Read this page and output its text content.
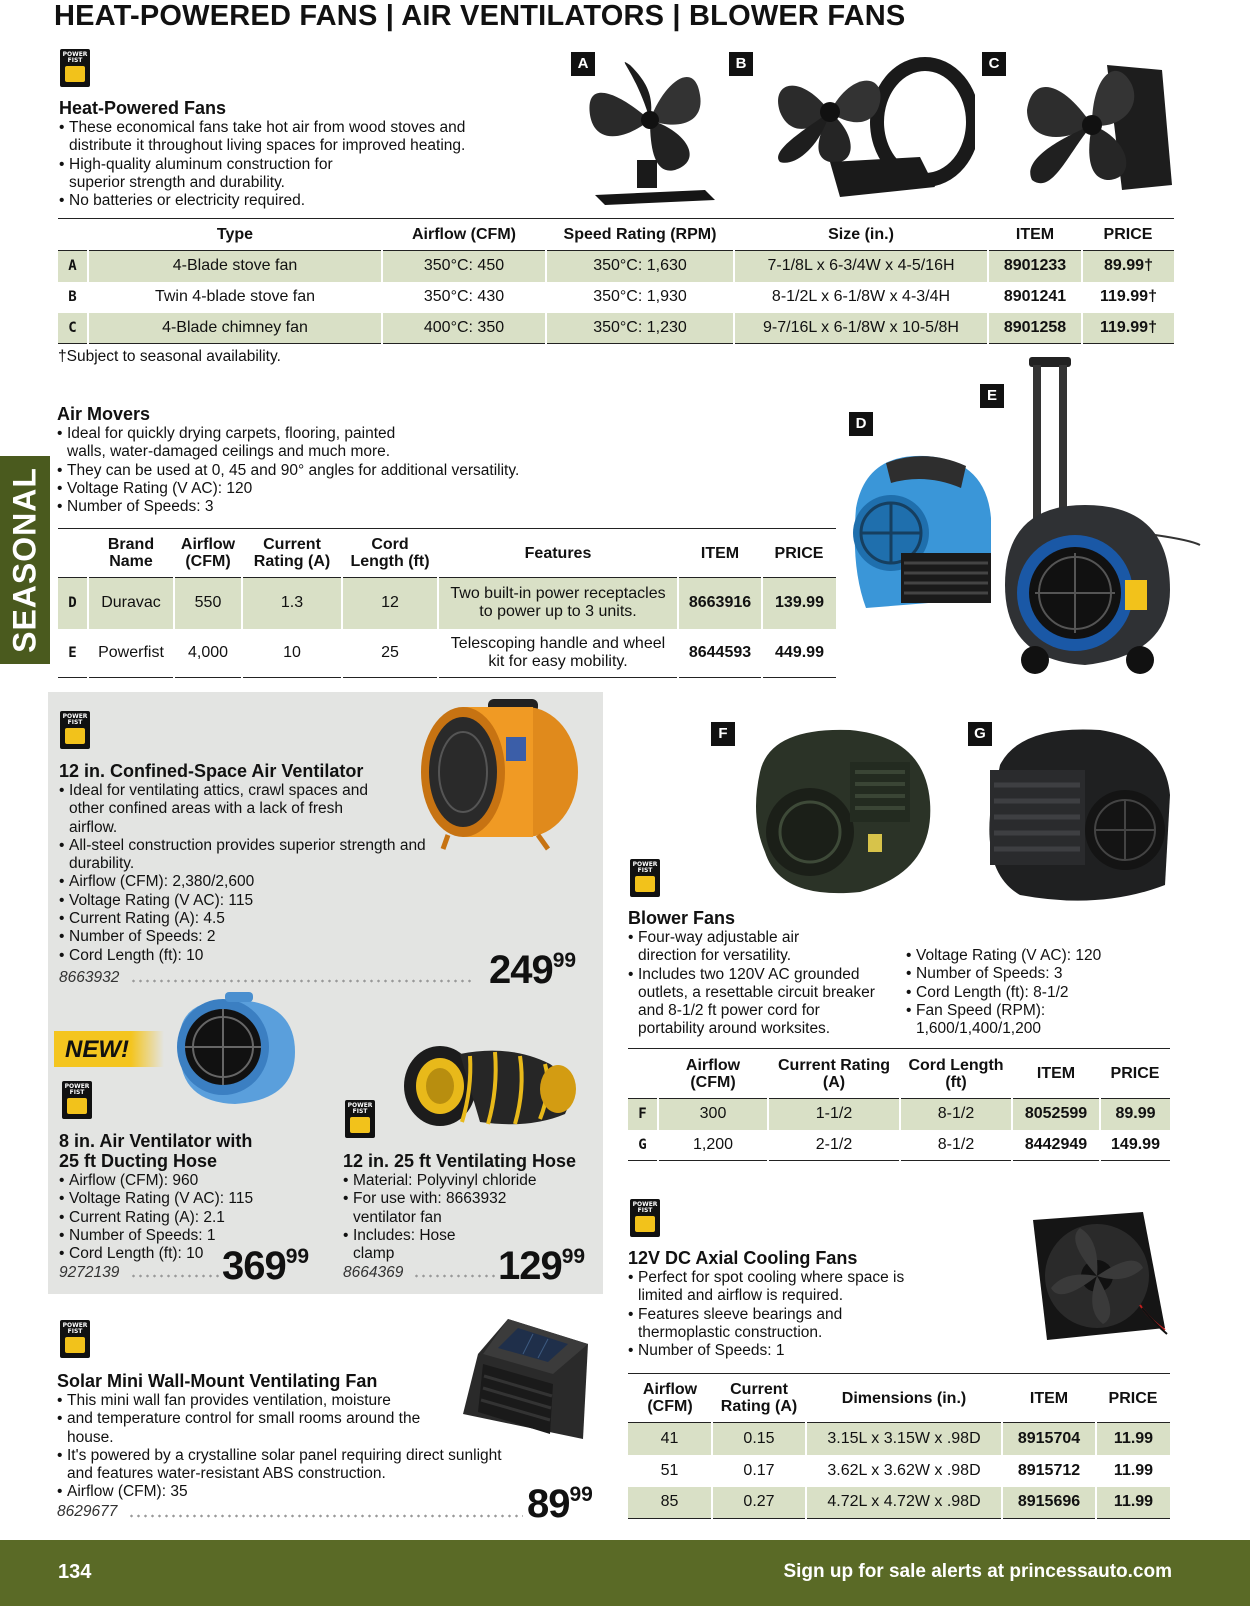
HEAT-POWERED FANS | AIR VENTILATORS | BLOWER FANS
SEASONAL
POWER FIST
Heat-Powered Fans
• These economical fans take hot air from wood stoves and distribute it throughout living spaces for improved heating.
• High-quality aluminum construction for superior strength and durability.
• No batteries or electricity required.
A	B	C
	Type	Airflow (CFM)	Speed Rating (RPM)	Size (in.)	ITEM	PRICE
A	4-Blade stove fan	350°C: 450	350°C: 1,630	7-1/8L x 6-3/4W x 4-5/16H	8901233	89.99†
B	Twin 4-blade stove fan	350°C: 430	350°C: 1,930	8-1/2L x 6-1/8W x 4-3/4H	8901241	119.99†
C	4-Blade chimney fan	400°C: 350	350°C: 1,230	9-7/16L x 6-1/8W x 10-5/8H	8901258	119.99†
†Subject to seasonal availability.
Air Movers
• Ideal for quickly drying carpets, flooring, painted walls, water-damaged ceilings and much more.
• They can be used at 0, 45 and 90° angles for additional versatility.
• Voltage Rating (V AC): 120
• Number of Speeds: 3
	Brand Name	Airflow (CFM)	Current Rating (A)	Cord Length (ft)	Features	ITEM	PRICE
D	Duravac	550	1.3	12	Two built-in power receptacles to power up to 3 units.	8663916	139.99
E	Powerfist	4,000	10	25	Telescoping handle and wheel kit for easy mobility.	8644593	449.99
D
E
POWER FIST
12 in. Confined-Space Air Ventilator
• Ideal for ventilating attics, crawl spaces and other confined areas with a lack of fresh airflow.
• All-steel construction provides superior strength and durability.
• Airflow (CFM): 2,380/2,600
• Voltage Rating (V AC): 115
• Current Rating (A): 4.5
• Number of Speeds: 2
• Cord Length (ft): 10
8663932	$249^{99}$
NEW!
POWER FIST
8 in. Air Ventilator with
25 ft Ducting Hose
• Airflow (CFM): 960
• Voltage Rating (V AC): 115
• Current Rating (A): 2.1
• Number of Speeds: 1
• Cord Length (ft): 10
9272139	$369^{99}$
POWER FIST
12 in. 25 ft Ventilating Hose
• Material: Polyvinyl chloride
• For use with: 8663932 ventilator fan
• Includes: Hose clamp
8664369 $129^{99}$
POWER FIST
Solar Mini Wall-Mount Ventilating Fan
• This mini wall fan provides ventilation, moisture
• and temperature control for small rooms around the house.
• It's powered by a crystalline solar panel requiring direct sunlight and features water-resistant ABS construction.
• Airflow (CFM): 35
8629677	$89^{99}$
F	G
POWER FIST
Blower Fans
• Four-way adjustable air direction for versatility.
• Includes two 120V AC grounded outlets, a resettable circuit breaker and 8-1/2 ft power cord for portability around worksites.
• Voltage Rating (V AC): 120
• Number of Speeds: 3
• Cord Length (ft): 8-1/2
• Fan Speed (RPM): 1,600/1,400/1,200
	Airflow (CFM)	Current Rating (A)	Cord Length (ft)	ITEM	PRICE
F	300	1-1/2	8-1/2	8052599	89.99
G	1,200	2-1/2	8-1/2	8442949	149.99
POWER FIST
12V DC Axial Cooling Fans
• Perfect for spot cooling where space is limited and airflow is required.
• Features sleeve bearings and thermoplastic construction.
• Number of Speeds: 1
Airflow (CFM)	Current Rating (A)	Dimensions (in.)	ITEM	PRICE
41	0.15	3.15L x 3.15W x .98D	8915704	11.99
51	0.17	3.62L x 3.62W x .98D	8915712	11.99
85	0.27	4.72L x 4.72W x .98D	8915696	11.99
134	Sign up for sale alerts at princessauto.com
